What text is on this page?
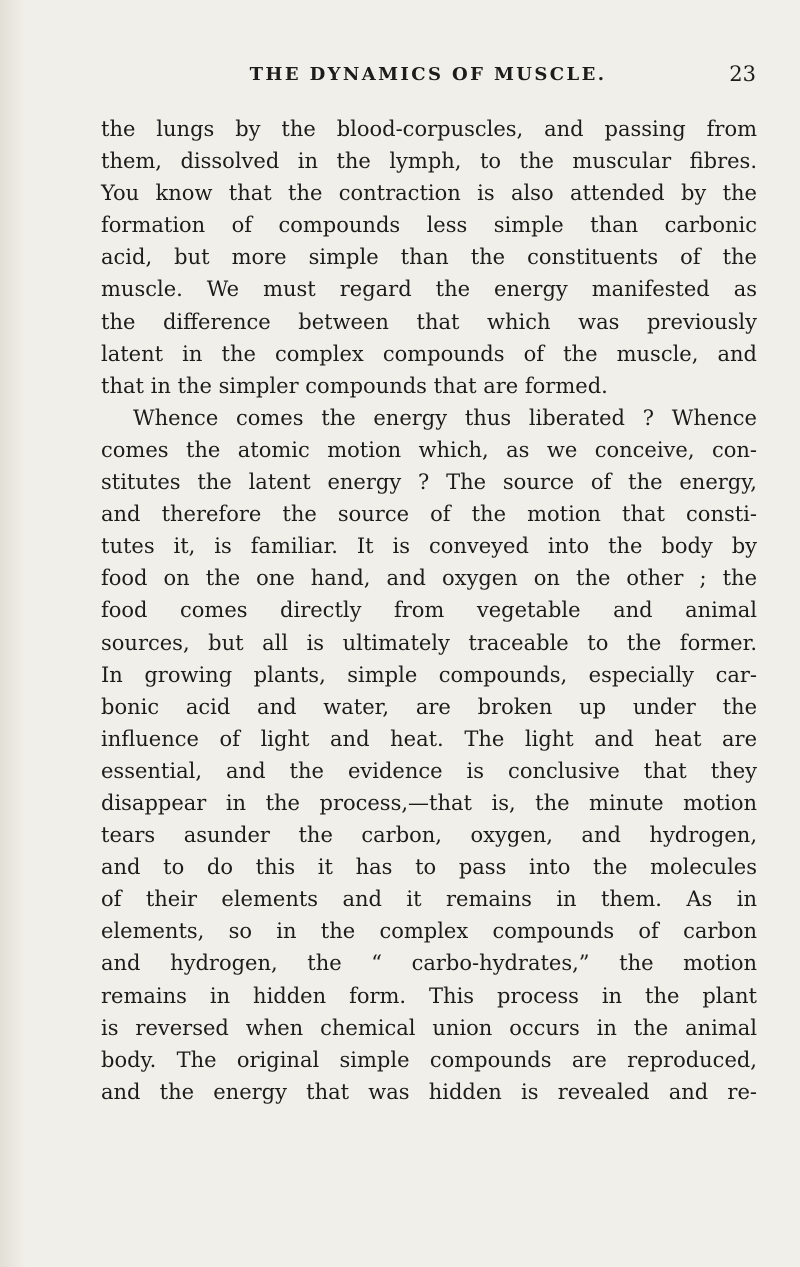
THE DYNAMICS OF MUSCLE.	23
the lungs by the blood-corpuscles, and passing from
them, dissolved in the lymph, to the muscular fibres.
You know that the contraction is also attended by the
formation of compounds less simple than carbonic
acid, but more simple than the constituents of the
muscle. We must regard the energy manifested as
the difference between that which was previously
latent in the complex compounds of the muscle, and
that in the simpler compounds that are formed.
Whence comes the energy thus liberated ? Whence
comes the atomic motion which, as we conceive, con-
stitutes the latent energy ? The source of the energy,
and therefore the source of the motion that consti-
tutes it, is familiar. It is conveyed into the body by
food on the one hand, and oxygen on the other ; the
food comes directly from vegetable and animal
sources, but all is ultimately traceable to the former.
In growing plants, simple compounds, especially car-
bonic acid and water, are broken up under the
influence of light and heat. The light and heat are
essential, and the evidence is conclusive that they
disappear in the process,—that is, the minute motion
tears asunder the carbon, oxygen, and hydrogen,
and to do this it has to pass into the molecules
of their elements and it remains in them. As in
elements, so in the complex compounds of carbon
and hydrogen, the “ carbo-hydrates,” the motion
remains in hidden form. This process in the plant
is reversed when chemical union occurs in the animal
body. The original simple compounds are reproduced,
and the energy that was hidden is revealed and re-
